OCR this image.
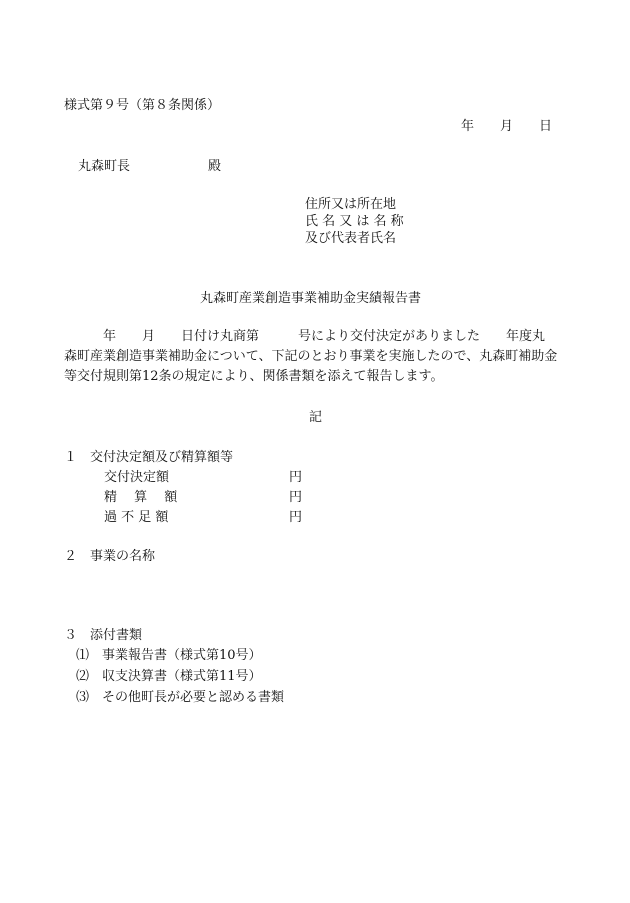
様式第９号（第８条関係）
年　　月　　日
丸森町長　　　　　　殿
住所又は所在地
氏 名 又 は 名 称
及び代表者氏名
丸森町産業創造事業補助金実績報告書

　　　年　　月　　日付け丸商第　　　号により交付決定がありました　　年度丸

森町産業創造事業補助金について、下記のとおり事業を実施したので、丸森町補助金

等交付規則第12条の規定により、関係書類を添えて報告します。

記
１　交付決定額及び精算額等
交付決定額	円
精　 算　 額	円
過 不 足 額	円
２　事業の名称
３　添付書類
⑴　事業報告書（様式第10号）
⑵　収支決算書（様式第11号）
⑶　その他町長が必要と認める書類
